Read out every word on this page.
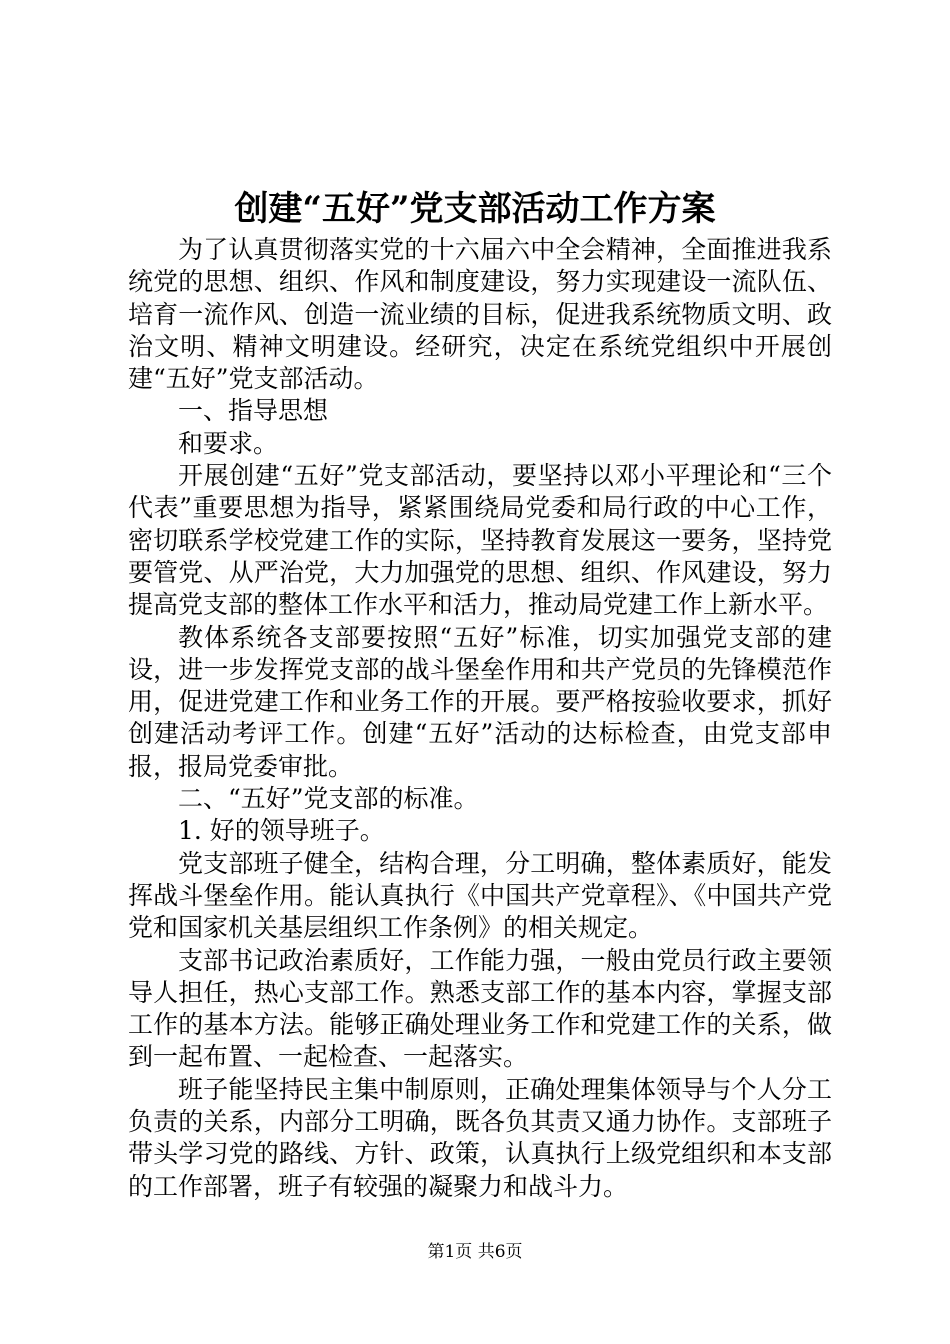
创建“五好”党支部活动工作方案

为了认真贯彻落实党的十六届六中全会精神，全面推进我系统党的思想、组织、作风和制度建设，努力实现建设一流队伍、培育一流作风、创造一流业绩的目标，促进我系统物质文明、政治文明、精神文明建设。经研究，决定在系统党组织中开展创建“五好”党支部活动。

一、指导思想

和要求。

开展创建“五好”党支部活动，要坚持以邓小平理论和“三个代表”重要思想为指导，紧紧围绕局党委和局行政的中心工作，密切联系学校党建工作的实际，坚持教育发展这一要务，坚持党要管党、从严治党，大力加强党的思想、组织、作风建设，努力提高党支部的整体工作水平和活力，推动局党建工作上新水平。

教体系统各支部要按照“五好”标准，切实加强党支部的建设，进一步发挥党支部的战斗堡垒作用和共产党员的先锋模范作用，促进党建工作和业务工作的开展。要严格按验收要求，抓好创建活动考评工作。创建“五好”活动的达标检查，由党支部申报，报局党委审批。

二、“五好”党支部的标准。

1. 好的领导班子。

党支部班子健全，结构合理，分工明确，整体素质好，能发挥战斗堡垒作用。能认真执行《中国共产党章程》、《中国共产党党和国家机关基层组织工作条例》的相关规定。

支部书记政治素质好，工作能力强，一般由党员行政主要领导人担任，热心支部工作。熟悉支部工作的基本内容，掌握支部工作的基本方法。能够正确处理业务工作和党建工作的关系，做到一起布置、一起检查、一起落实。

班子能坚持民主集中制原则，正确处理集体领导与个人分工负责的关系，内部分工明确，既各负其责又通力协作。支部班子带头学习党的路线、方针、政策，认真执行上级党组织和本支部的工作部署，班子有较强的凝聚力和战斗力。

第1页 共6页
